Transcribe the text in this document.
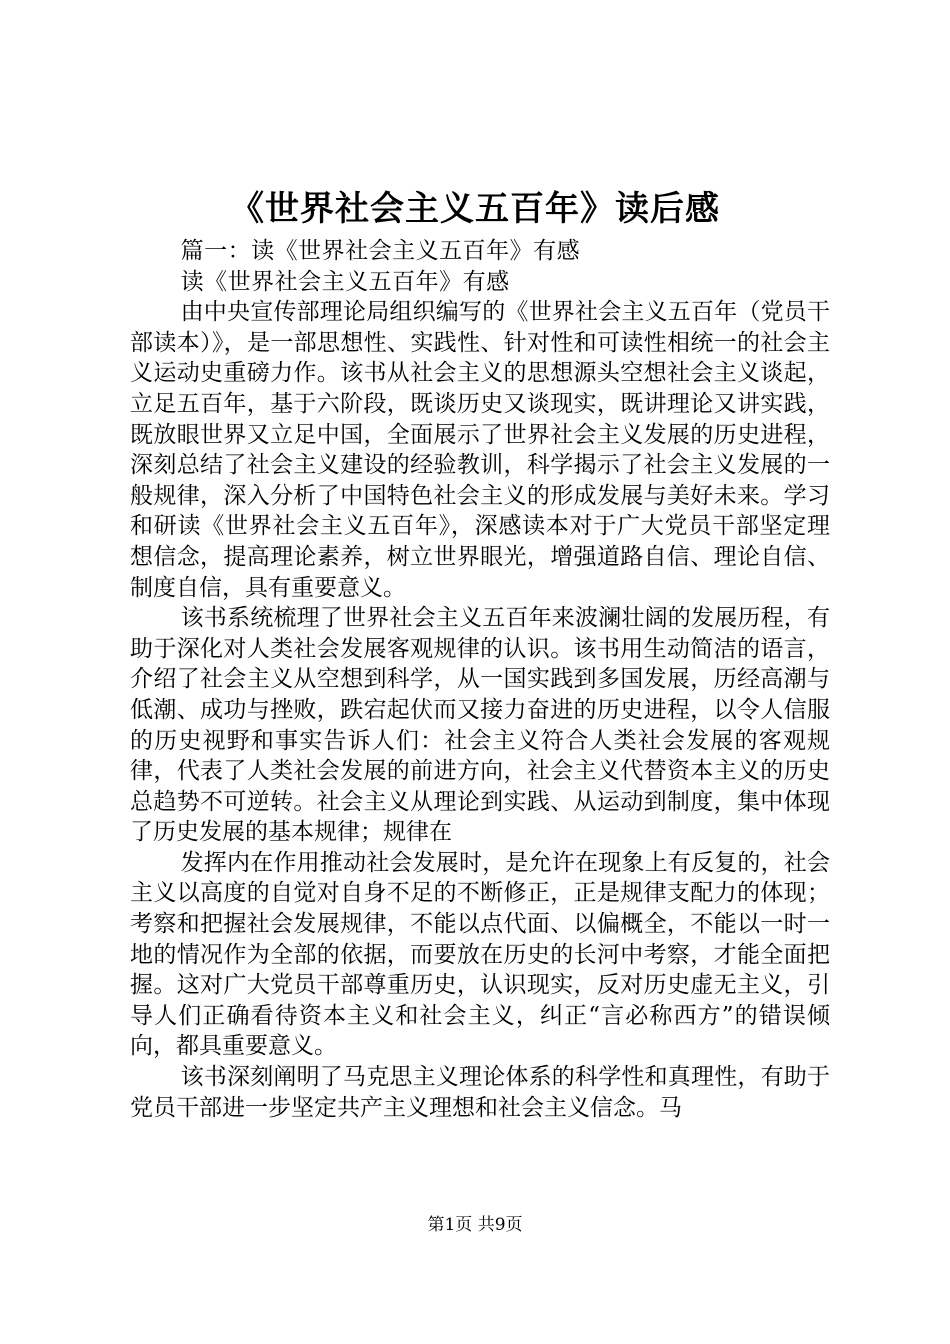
《世界社会主义五百年》读后感

篇一：读《世界社会主义五百年》有感

读《世界社会主义五百年》有感

由中央宣传部理论局组织编写的《世界社会主义五百年（党员干部读本）》，是一部思想性、实践性、针对性和可读性相统一的社会主义运动史重磅力作。该书从社会主义的思想源头空想社会主义谈起，立足五百年，基于六阶段，既谈历史又谈现实，既讲理论又讲实践，既放眼世界又立足中国，全面展示了世界社会主义发展的历史进程，深刻总结了社会主义建设的经验教训，科学揭示了社会主义发展的一般规律，深入分析了中国特色社会主义的形成发展与美好未来。学习和研读《世界社会主义五百年》，深感读本对于广大党员干部坚定理想信念，提高理论素养，树立世界眼光，增强道路自信、理论自信、制度自信，具有重要意义。

该书系统梳理了世界社会主义五百年来波澜壮阔的发展历程，有助于深化对人类社会发展客观规律的认识。该书用生动简洁的语言，介绍了社会主义从空想到科学，从一国实践到多国发展，历经高潮与低潮、成功与挫败，跌宕起伏而又接力奋进的历史进程，以令人信服的历史视野和事实告诉人们：社会主义符合人类社会发展的客观规律，代表了人类社会发展的前进方向，社会主义代替资本主义的历史总趋势不可逆转。社会主义从理论到实践、从运动到制度，集中体现了历史发展的基本规律；规律在

发挥内在作用推动社会发展时，是允许在现象上有反复的，社会主义以高度的自觉对自身不足的不断修正，正是规律支配力的体现；考察和把握社会发展规律，不能以点代面、以偏概全，不能以一时一地的情况作为全部的依据，而要放在历史的长河中考察，才能全面把握。这对广大党员干部尊重历史，认识现实，反对历史虚无主义，引导人们正确看待资本主义和社会主义，纠正“言必称西方”的错误倾向，都具重要意义。

该书深刻阐明了马克思主义理论体系的科学性和真理性，有助于党员干部进一步坚定共产主义理想和社会主义信念。马

第1页 共9页
